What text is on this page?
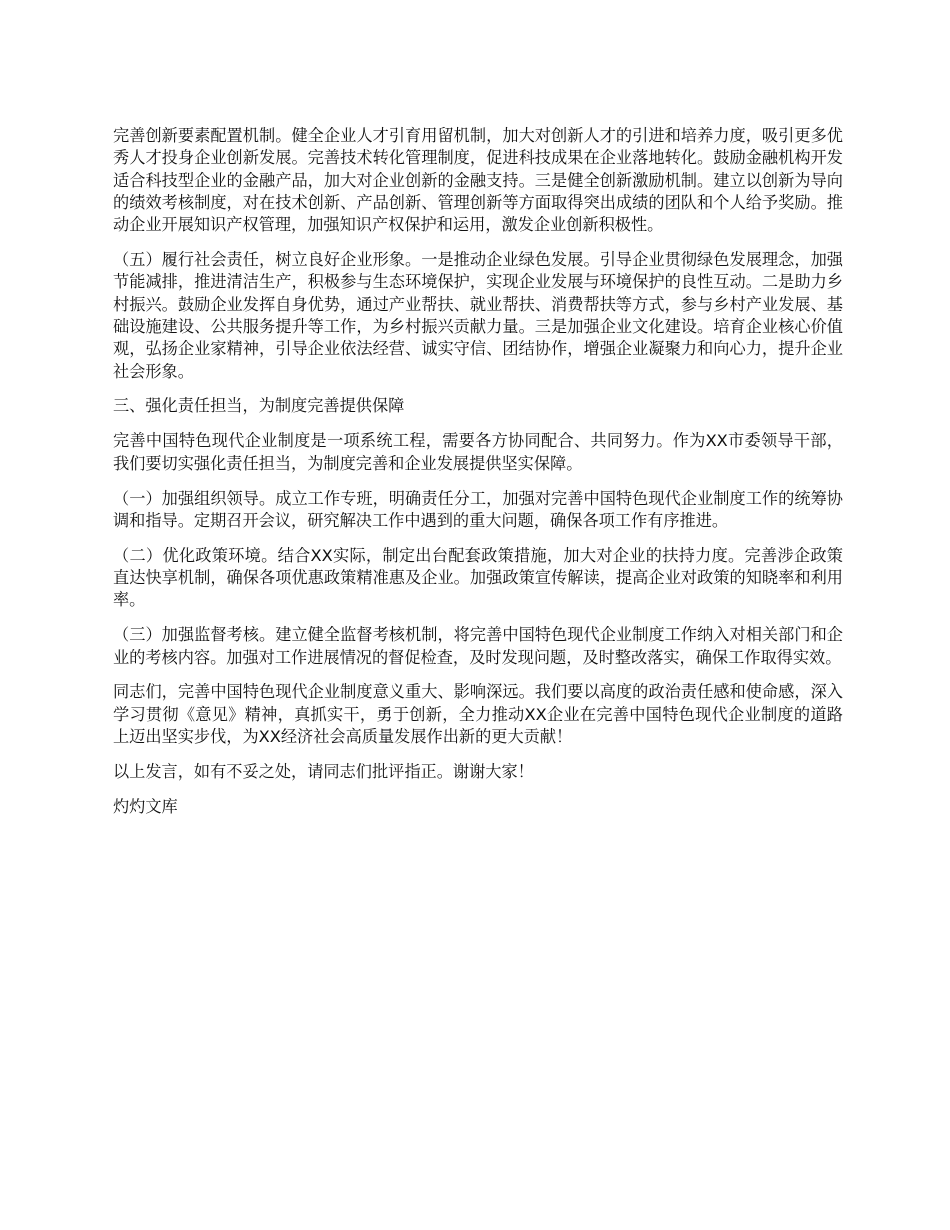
完善创新要素配置机制。健全企业人才引育用留机制，加大对创新人才的引进和培养力度，吸引更多优秀人才投身企业创新发展。完善技术转化管理制度，促进科技成果在企业落地转化。鼓励金融机构开发适合科技型企业的金融产品，加大对企业创新的金融支持。三是健全创新激励机制。建立以创新为导向的绩效考核制度，对在技术创新、产品创新、管理创新等方面取得突出成绩的团队和个人给予奖励。推动企业开展知识产权管理，加强知识产权保护和运用，激发企业创新积极性。

（五）履行社会责任，树立良好企业形象。一是推动企业绿色发展。引导企业贯彻绿色发展理念，加强节能减排，推进清洁生产，积极参与生态环境保护，实现企业发展与环境保护的良性互动。二是助力乡村振兴。鼓励企业发挥自身优势，通过产业帮扶、就业帮扶、消费帮扶等方式，参与乡村产业发展、基础设施建设、公共服务提升等工作，为乡村振兴贡献力量。三是加强企业文化建设。培育企业核心价值观，弘扬企业家精神，引导企业依法经营、诚实守信、团结协作，增强企业凝聚力和向心力，提升企业社会形象。

三、强化责任担当，为制度完善提供保障

完善中国特色现代企业制度是一项系统工程，需要各方协同配合、共同努力。作为XX市委领导干部，我们要切实强化责任担当，为制度完善和企业发展提供坚实保障。

（一）加强组织领导。成立工作专班，明确责任分工，加强对完善中国特色现代企业制度工作的统筹协调和指导。定期召开会议，研究解决工作中遇到的重大问题，确保各项工作有序推进。

（二）优化政策环境。结合XX实际，制定出台配套政策措施，加大对企业的扶持力度。完善涉企政策直达快享机制，确保各项优惠政策精准惠及企业。加强政策宣传解读，提高企业对政策的知晓率和利用率。

（三）加强监督考核。建立健全监督考核机制，将完善中国特色现代企业制度工作纳入对相关部门和企业的考核内容。加强对工作进展情况的督促检查，及时发现问题，及时整改落实，确保工作取得实效。

同志们，完善中国特色现代企业制度意义重大、影响深远。我们要以高度的政治责任感和使命感，深入学习贯彻《意见》精神，真抓实干，勇于创新，全力推动XX企业在完善中国特色现代企业制度的道路上迈出坚实步伐，为XX经济社会高质量发展作出新的更大贡献！

以上发言，如有不妥之处，请同志们批评指正。谢谢大家！

灼灼文库
